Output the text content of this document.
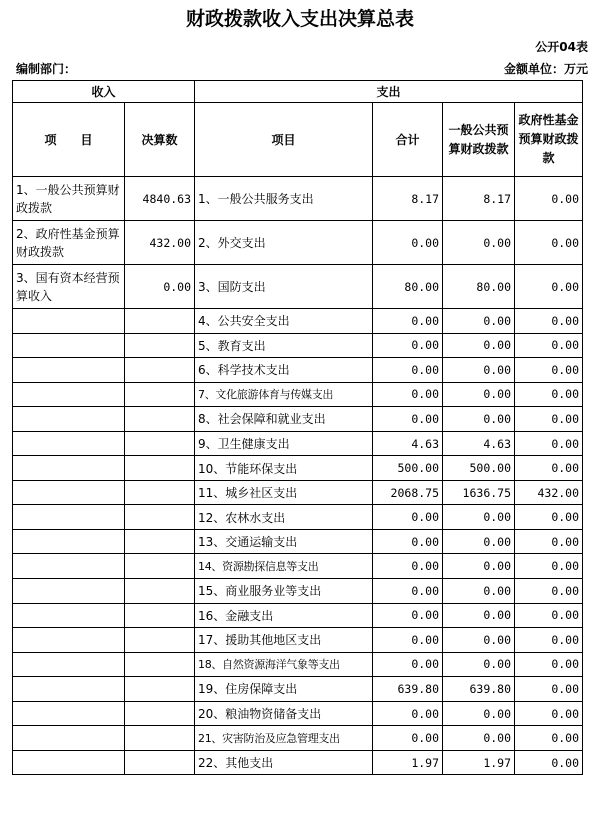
财政拨款收入支出决算总表
公开04表
编制部门：	金额单位：万元
收入		支出			
项　　目	决算数	项目	合计	一般公共预算财政拨款	政府性基金预算财政拨款
1、一般公共预算财政拨款	4840.63	1、一般公共服务支出	8.17	8.17	0.00
2、政府性基金预算财政拨款	432.00	2、外交支出	0.00	0.00	0.00
3、国有资本经营预算收入	0.00	3、国防支出	80.00	80.00	0.00
		4、公共安全支出	0.00	0.00	0.00
		5、教育支出	0.00	0.00	0.00
		6、科学技术支出	0.00	0.00	0.00
		7、文化旅游体育与传媒支出	0.00	0.00	0.00
		8、社会保障和就业支出	0.00	0.00	0.00
		9、卫生健康支出	4.63	4.63	0.00
		10、节能环保支出	500.00	500.00	0.00
		11、城乡社区支出	2068.75	1636.75	432.00
		12、农林水支出	0.00	0.00	0.00
		13、交通运输支出	0.00	0.00	0.00
		14、资源勘探信息等支出	0.00	0.00	0.00
		15、商业服务业等支出	0.00	0.00	0.00
		16、金融支出	0.00	0.00	0.00
		17、援助其他地区支出	0.00	0.00	0.00
		18、自然资源海洋气象等支出	0.00	0.00	0.00
		19、住房保障支出	639.80	639.80	0.00
		20、粮油物资储备支出	0.00	0.00	0.00
		21、灾害防治及应急管理支出	0.00	0.00	0.00
		22、其他支出	1.97	1.97	0.00
